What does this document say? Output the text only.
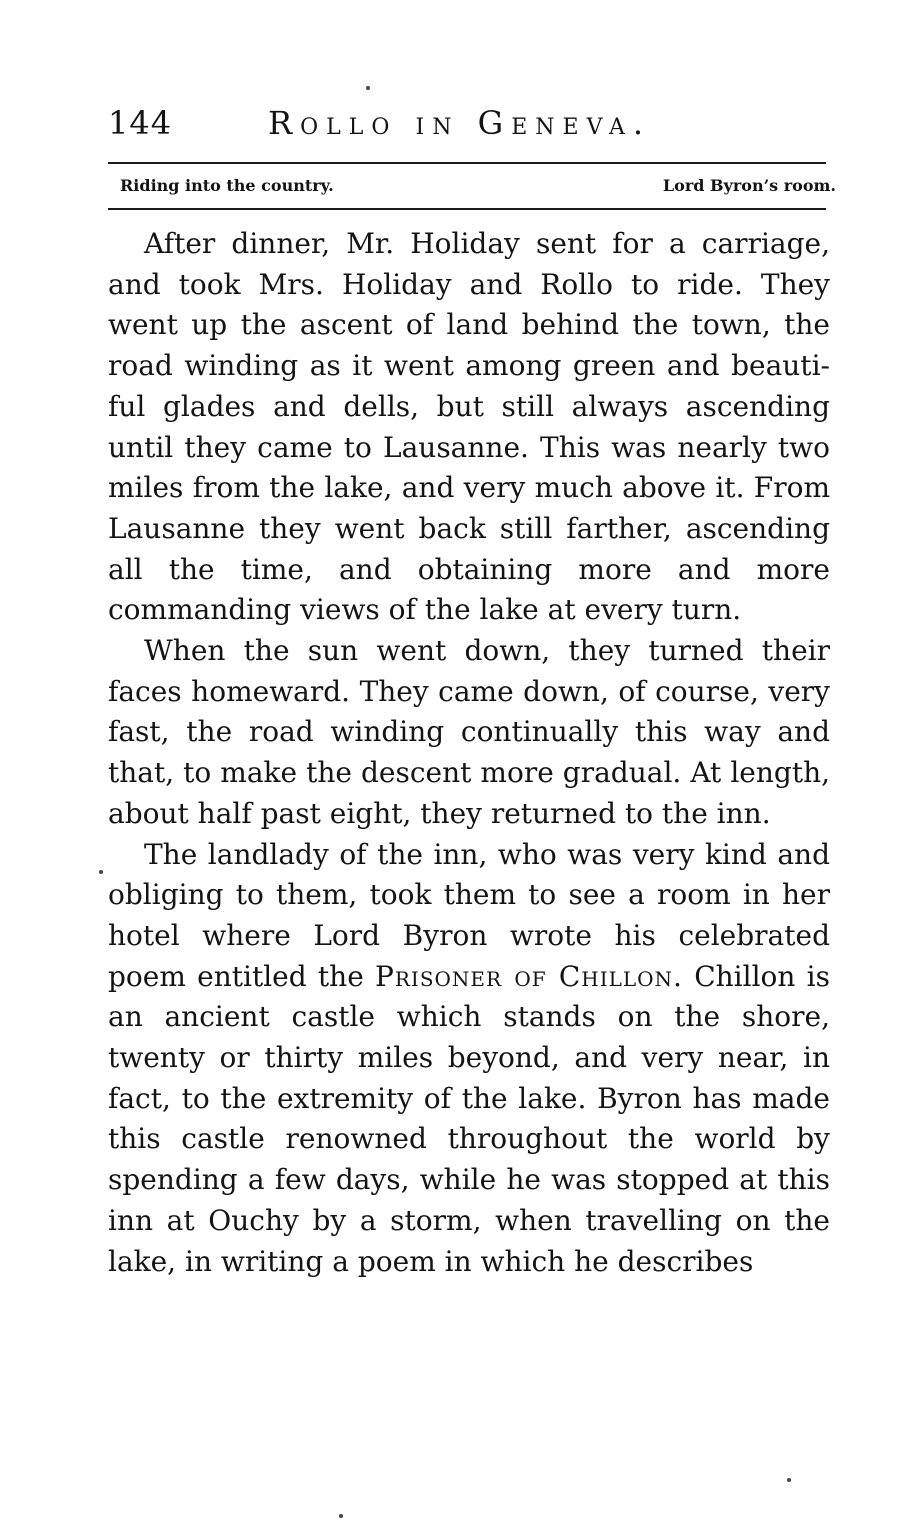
144	Rollo in Geneva.
Riding into the country.	Lord Byron’s room.

After dinner, Mr. Holiday sent for a carriage, and took Mrs. Holiday and Rollo to ride. They went up the ascent of land behind the town, the road winding as it went among green and beautiful glades and dells, but still always ascending until they came to Lausanne. This was nearly two miles from the lake, and very much above it. From Lausanne they went back still farther, ascending all the time, and obtaining more and more commanding views of the lake at every turn.

When the sun went down, they turned their faces homeward. They came down, of course, very fast, the road winding continually this way and that, to make the descent more gradual. At length, about half past eight, they returned to the inn.

The landlady of the inn, who was very kind and obliging to them, took them to see a room in her hotel where Lord Byron wrote his celebrated poem entitled the Prisoner of Chillon. Chillon is an ancient castle which stands on the shore, twenty or thirty miles beyond, and very near, in fact, to the extremity of the lake. Byron has made this castle renowned throughout the world by spending a few days, while he was stopped at this inn at Ouchy by a storm, when travelling on the lake, in writing a poem in which he describes
